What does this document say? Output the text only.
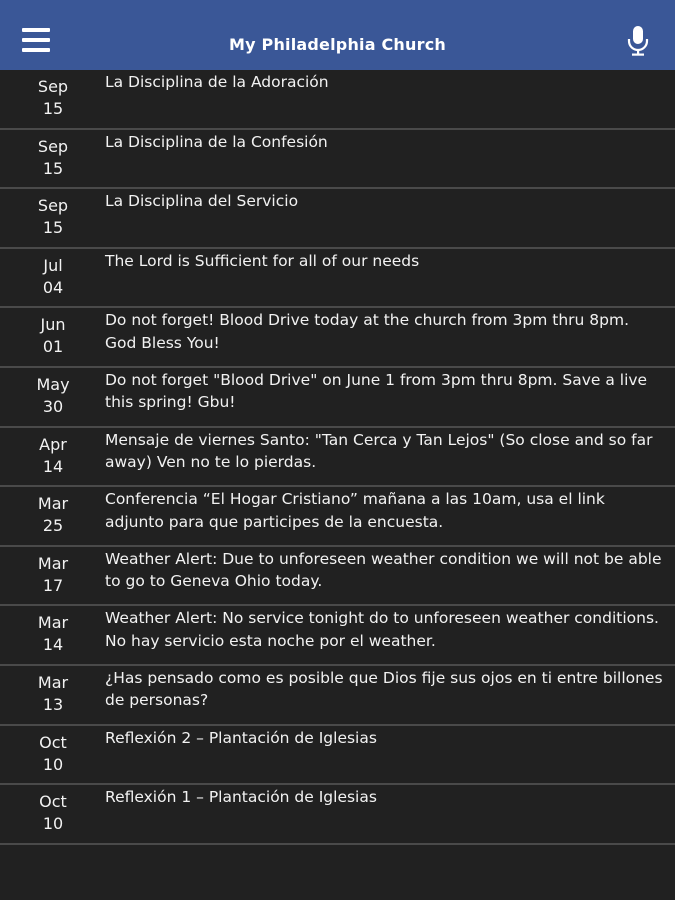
My Philadelphia Church
Sep
15
La Disciplina de la Adoración
Sep
15
La Disciplina de la Confesión
Sep
15
La Disciplina del Servicio
Jul
04
The Lord is Sufficient for all of our needs
Jun
01
Do not forget! Blood Drive today at the church from 3pm thru 8pm. God Bless You!
May
30
Do not forget "Blood Drive" on June 1 from 3pm thru 8pm. Save a live this spring! Gbu!
Apr
14
Mensaje de viernes Santo: "Tan Cerca y Tan Lejos" (So close and so far away) Ven no te lo pierdas.
Mar
25
Conferencia “El Hogar Cristiano” mañana a las 10am, usa el link adjunto para que participes de la encuesta.
Mar
17
Weather Alert: Due to unforeseen weather condition we will not be able to go to Geneva Ohio today.
Mar
14
Weather Alert: No service tonight do to unforeseen weather conditions. No hay servicio esta noche por el weather.
Mar
13
¿Has pensado como es posible que Dios fije sus ojos en ti entre billones de personas?
Oct
10
Reflexión 2 – Plantación de Iglesias
Oct
10
Reflexión 1 – Plantación de Iglesias
